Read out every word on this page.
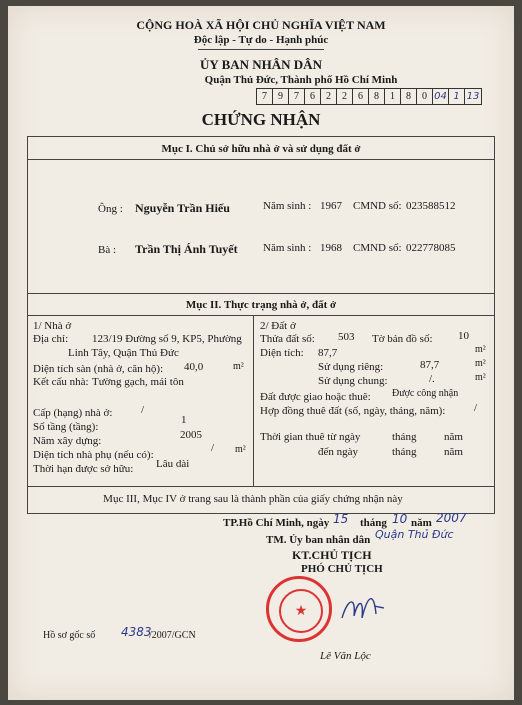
CỘNG HOÀ XÃ HỘI CHỦ NGHĨA VIỆT NAM
Độc lập - Tự do - Hạnh phúc
ỦY BAN NHÂN DÂN
Quận Thủ Đức, Thành phố Hồ Chí Minh
7	9	7	6	2	2	6	8	1	8	0 04 1 13
CHỨNG NHẬN
Mục I. Chủ sở hữu nhà ở và sử dụng đất ở
Ông : Nguyễn Trần Hiếu	Năm sinh : 1967 CMND số: 023588512
Bà : Trần Thị Ánh Tuyết Năm sinh : 1968 CMND số: 022778085
Mục II. Thực trạng nhà ở, đất ở
1/ Nhà ở
Địa chỉ: 123/19 Đường số 9, KP5, Phường
Linh Tây, Quận Thủ Đức
Diện tích sàn (nhà ở, căn hộ): 40,0	m²
Kết cấu nhà: Tường gạch, mái tôn
Cấp (hạng) nhà ở:	/
Số tầng (tầng):
1
Năm xây dựng:	2005
Diện tích nhà phụ (nếu có):
/ m²
Thời hạn được sở hữu: Lâu dài
2/ Đất ở
Thửa đất số: 503 Tờ bản đồ số: 10
Diện tích: 87,7	m²
Sử dụng riêng:	87,7	m²
Sử dụng chung:	/.	m²
Đất được giao hoặc thuê: Được công nhận
Hợp đồng thuê đất (số, ngày, tháng, năm):	/
Thời gian thuê từ ngày	tháng	năm
đến ngày	tháng	năm
Mục III, Mục IV ở trang sau là thành phần của giấy chứng nhận này
TP.Hồ Chí Minh, ngày 15 tháng 10 năm 2007
TM. Ủy ban nhân dân Quận Thủ Đức
KT.CHỦ TỊCH
PHÓ CHỦ TỊCH
★
Lê Văn Lộc
Hồ sơ gốc số 4383
/2007/GCN
